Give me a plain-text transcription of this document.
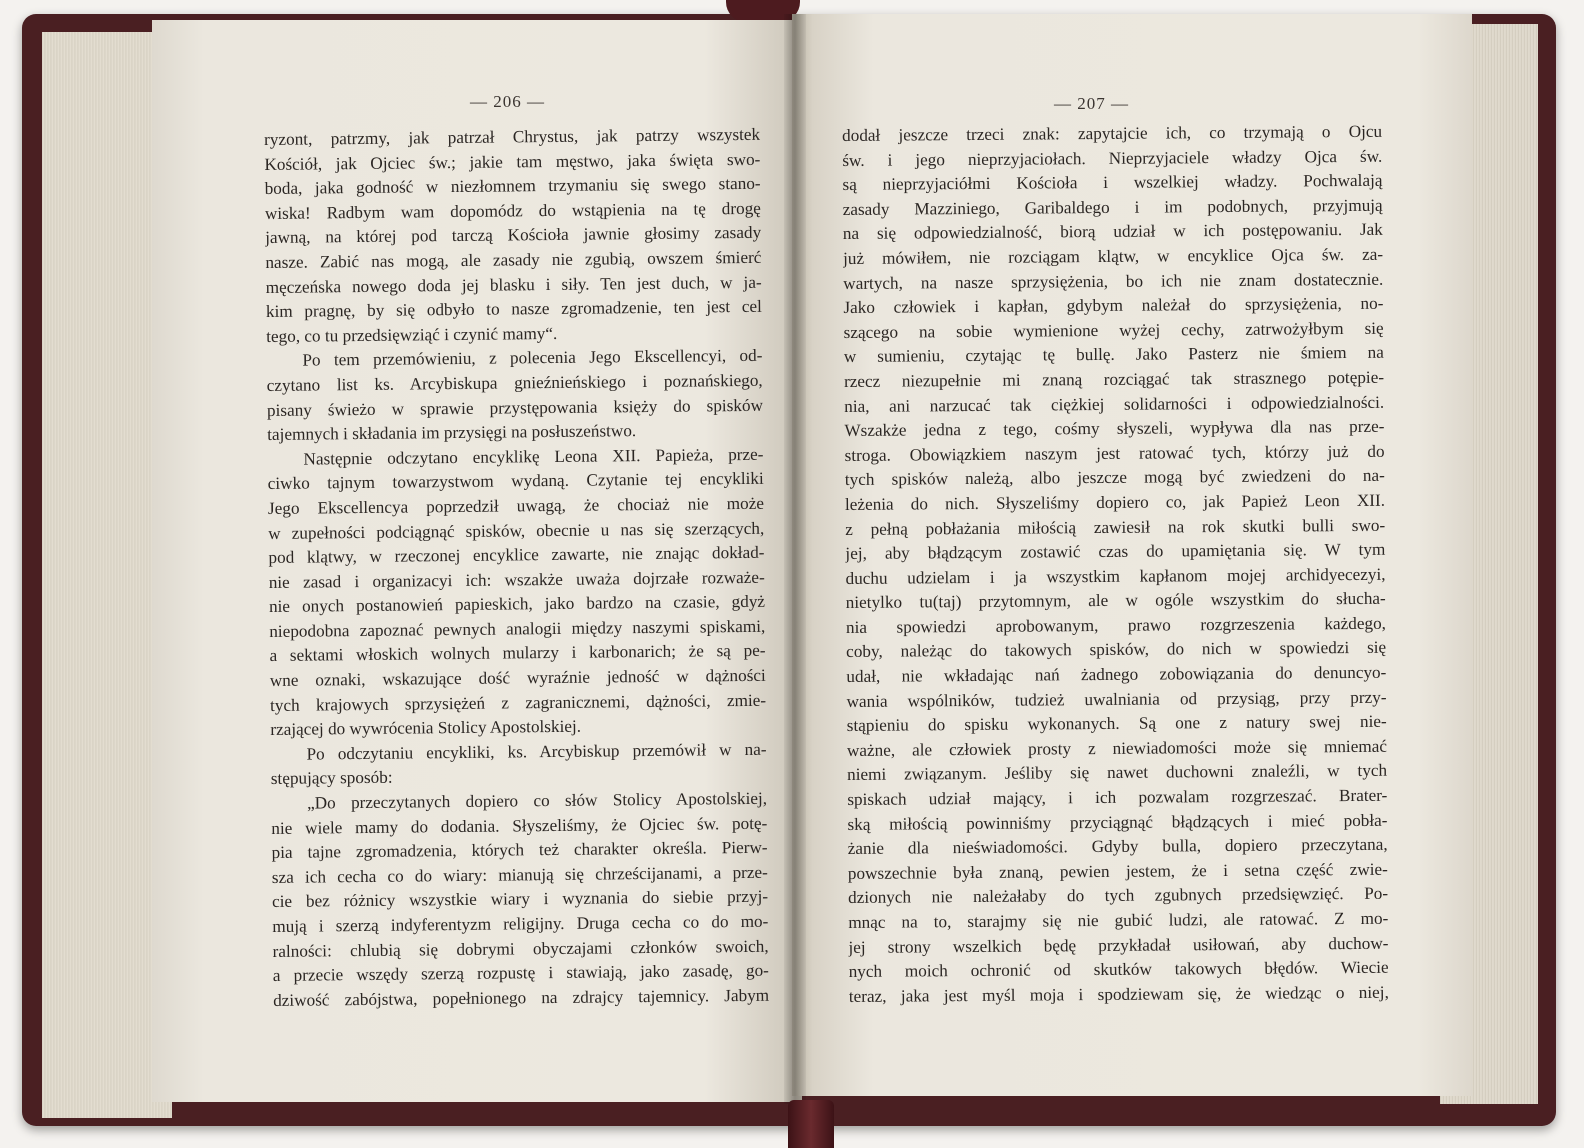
— 206 —
ryzont, patrzmy, jak patrzał Chrystus, jak patrzy wszystek
Kościół, jak Ojciec św.; jakie tam męstwo, jaka święta swo-
boda, jaka godność w niezłomnem trzymaniu się swego stano-
wiska! Radbym wam dopomódz do wstąpienia na tę drogę
jawną, na której pod tarczą Kościoła jawnie głosimy zasady
nasze. Zabić nas mogą, ale zasady nie zgubią, owszem śmierć
męczeńska nowego doda jej blasku i siły. Ten jest duch, w ja-
kim pragnę, by się odbyło to nasze zgromadzenie, ten jest cel
tego, co tu przedsięwziąć i czynić mamy“.
Po tem przemówieniu, z polecenia Jego Ekscellencyi, od-
czytano list ks. Arcybiskupa gnieźnieńskiego i poznańskiego,
pisany świeżo w sprawie przystępowania księży do spisków
tajemnych i składania im przysięgi na posłuszeństwo.
Następnie odczytano encyklikę Leona XII. Papieża, prze-
ciwko tajnym towarzystwom wydaną. Czytanie tej encykliki
Jego Ekscellencya poprzedził uwagą, że chociaż nie może
w zupełności podciągnąć spisków, obecnie u nas się szerzących,
pod klątwy, w rzeczonej encyklice zawarte, nie znając dokład-
nie zasad i organizacyi ich: wszakże uważa dojrzałe rozważe-
nie onych postanowień papieskich, jako bardzo na czasie, gdyż
niepodobna zapoznać pewnych analogii między naszymi spiskami,
a sektami włoskich wolnych mularzy i karbonarich; że są pe-
wne oznaki, wskazujące dość wyraźnie jedność w dążności
tych krajowych sprzysiężeń z zagranicznemi, dążności, zmie-
rzającej do wywrócenia Stolicy Apostolskiej.
Po odczytaniu encykliki, ks. Arcybiskup przemówił w na-
stępujący sposób:
„Do przeczytanych dopiero co słów Stolicy Apostolskiej,
nie wiele mamy do dodania. Słyszeliśmy, że Ojciec św. potę-
pia tajne zgromadzenia, których też charakter określa. Pierw-
sza ich cecha co do wiary: mianują się chrześcijanami, a prze-
cie bez różnicy wszystkie wiary i wyznania do siebie przyj-
mują i szerzą indyferentyzm religijny. Druga cecha co do mo-
ralności: chlubią się dobrymi obyczajami członków swoich,
a przecie wszędy szerzą rozpustę i stawiają, jako zasadę, go-
dziwość zabójstwa, popełnionego na zdrajcy tajemnicy. Jabym
— 207 —
dodał jeszcze trzeci znak: zapytajcie ich, co trzymają o Ojcu
św. i jego nieprzyjaciołach. Nieprzyjaciele władzy Ojca św.
są nieprzyjaciółmi Kościoła i wszelkiej władzy. Pochwalają
zasady Mazziniego, Garibaldego i im podobnych, przyjmują
na się odpowiedzialność, biorą udział w ich postępowaniu. Jak
już mówiłem, nie rozciągam klątw, w encyklice Ojca św. za-
wartych, na nasze sprzysiężenia, bo ich nie znam dostatecznie.
Jako człowiek i kapłan, gdybym należał do sprzysiężenia, no-
szącego na sobie wymienione wyżej cechy, zatrwożyłbym się
w sumieniu, czytając tę bullę. Jako Pasterz nie śmiem na
rzecz niezupełnie mi znaną rozciągać tak strasznego potępie-
nia, ani narzucać tak ciężkiej solidarności i odpowiedzialności.
Wszakże jedna z tego, cośmy słyszeli, wypływa dla nas prze-
stroga. Obowiązkiem naszym jest ratować tych, którzy już do
tych spisków należą, albo jeszcze mogą być zwiedzeni do na-
leżenia do nich. Słyszeliśmy dopiero co, jak Papież Leon XII.
z pełną pobłażania miłością zawiesił na rok skutki bulli swo-
jej, aby błądzącym zostawić czas do upamiętania się. W tym
duchu udzielam i ja wszystkim kapłanom mojej archidyecezyi,
nietylko tu(taj) przytomnym, ale w ogóle wszystkim do słucha-
nia spowiedzi aprobowanym, prawo rozgrzeszenia każdego,
coby, należąc do takowych spisków, do nich w spowiedzi się
udał, nie wkładając nań żadnego zobowiązania do denuncyo-
wania wspólników, tudzież uwalniania od przysiąg, przy przy-
stąpieniu do spisku wykonanych. Są one z natury swej nie-
ważne, ale człowiek prosty z niewiadomości może się mniemać
niemi związanym. Jeśliby się nawet duchowni znaleźli, w tych
spiskach udział mający, i ich pozwalam rozgrzeszać. Brater-
ską miłością powinniśmy przyciągnąć błądzących i mieć pobła-
żanie dla nieświadomości. Gdyby bulla, dopiero przeczytana,
powszechnie była znaną, pewien jestem, że i setna część zwie-
dzionych nie należałaby do tych zgubnych przedsięwzięć. Po-
mnąc na to, starajmy się nie gubić ludzi, ale ratować. Z mo-
jej strony wszelkich będę przykładał usiłowań, aby duchow-
nych moich ochronić od skutków takowych błędów. Wiecie
teraz, jaka jest myśl moja i spodziewam się, że wiedząc o niej,
